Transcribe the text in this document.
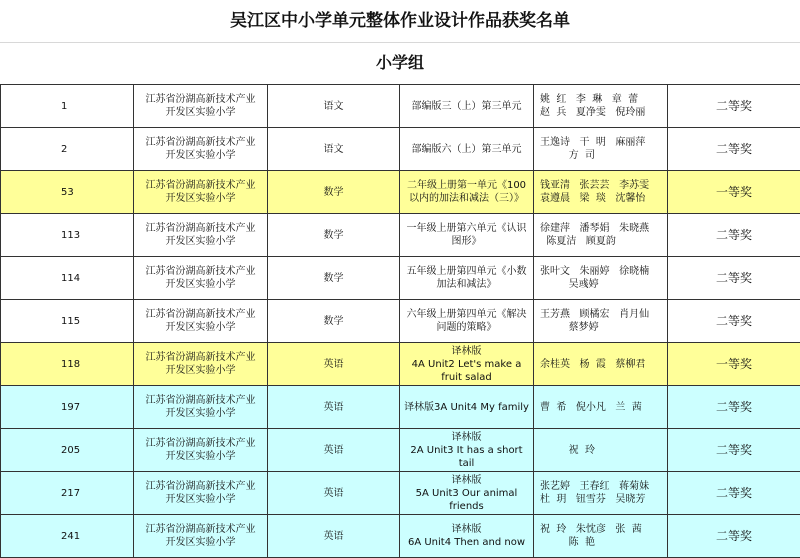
吴江区中小学单元整体作业设计作品获奖名单
小学组
1	江苏省汾湖高新技术产业开发区实验小学	语文	部编版三（上）第三单元	姚  红   李  琳   章  蕾
赵  兵   夏净雯   倪玲丽	二等奖
2	江苏省汾湖高新技术产业开发区实验小学	语文	部编版六（上）第三单元	王逸诗   干  明   麻丽萍
方  司	二等奖
53	江苏省汾湖高新技术产业开发区实验小学	数学	二年级上册第一单元《100以内的加法和减法（三）》	钱亚清   张芸芸   李苏雯
袁遵晨   梁  琰   沈馨怡	一等奖
113	江苏省汾湖高新技术产业开发区实验小学	数学	一年级上册第六单元《认识图形》	徐建萍   潘琴娟   朱晓燕
陈夏洁   顾夏韵	二等奖
114	江苏省汾湖高新技术产业开发区实验小学	数学	五年级上册第四单元《小数加法和减法》	张叶文   朱丽婷   徐晓楠
吴彧婷	二等奖
115	江苏省汾湖高新技术产业开发区实验小学	数学	六年级上册第四单元《解决问题的策略》	王芳燕   顾橘宏   肖月仙
蔡梦婷	二等奖
118	江苏省汾湖高新技术产业开发区实验小学	英语	译林版
4A Unit2 Let's make a fruit salad	余桂英   杨  霞   蔡柳君	一等奖
197	江苏省汾湖高新技术产业开发区实验小学	英语	译林版3A Unit4 My family	曹  希   倪小凡   兰  茜	二等奖
205	江苏省汾湖高新技术产业开发区实验小学	英语	译林版
2A Unit3 It has a short tail	祝  玲	二等奖
217	江苏省汾湖高新技术产业开发区实验小学	英语	译林版
5A Unit3 Our animal friends	张艺婷   王春红   蒋菊妹
杜  玥   钮雪芬   吴晓芳	二等奖
241	江苏省汾湖高新技术产业开发区实验小学	英语	译林版
6A Unit4 Then and now	祝  玲   朱忱彦   张  茜
陈  艳	二等奖
